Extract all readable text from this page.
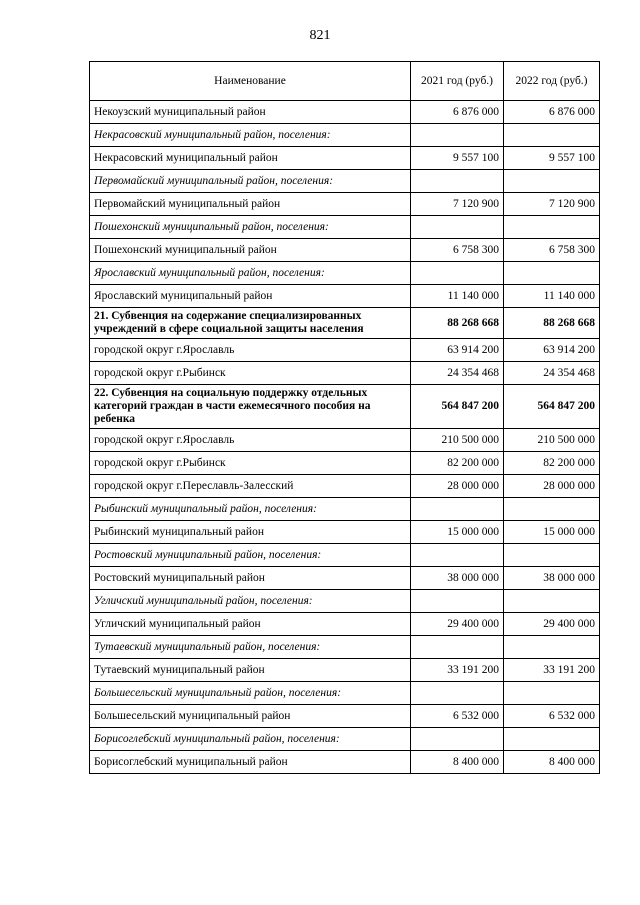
821
Наименование	2021 год (руб.)	2022 год (руб.)
Некоузский муниципальный район	6 876 000	6 876 000
Некрасовский муниципальный район, поселения:		
Некрасовский муниципальный район	9 557 100	9 557 100
Первомайский муниципальный район, поселения:		
Первомайский муниципальный район	7 120 900	7 120 900
Пошехонский муниципальный район, поселения:		
Пошехонский муниципальный район	6 758 300	6 758 300
Ярославский муниципальный район, поселения:		
Ярославский муниципальный район	11 140 000	11 140 000
21. Субвенция на содержание специализированных учреждений в сфере социальной защиты населения	88 268 668	88 268 668
городской округ г.Ярославль	63 914 200	63 914 200
городской округ г.Рыбинск	24 354 468	24 354 468
22. Субвенция на социальную поддержку отдельных категорий граждан в части ежемесячного пособия на ребенка	564 847 200	564 847 200
городской округ г.Ярославль	210 500 000	210 500 000
городской округ г.Рыбинск	82 200 000	82 200 000
городской округ г.Переславль-Залесский	28 000 000	28 000 000
Рыбинский муниципальный район, поселения:		
Рыбинский муниципальный район	15 000 000	15 000 000
Ростовский муниципальный район, поселения:		
Ростовский муниципальный район	38 000 000	38 000 000
Угличский муниципальный район, поселения:		
Угличский муниципальный район	29 400 000	29 400 000
Тутаевский муниципальный район, поселения:		
Тутаевский муниципальный район	33 191 200	33 191 200
Большесельский муниципальный район, поселения:		
Большесельский муниципальный район	6 532 000	6 532 000
Борисоглебский муниципальный район, поселения:		
Борисоглебский муниципальный район	8 400 000	8 400 000
